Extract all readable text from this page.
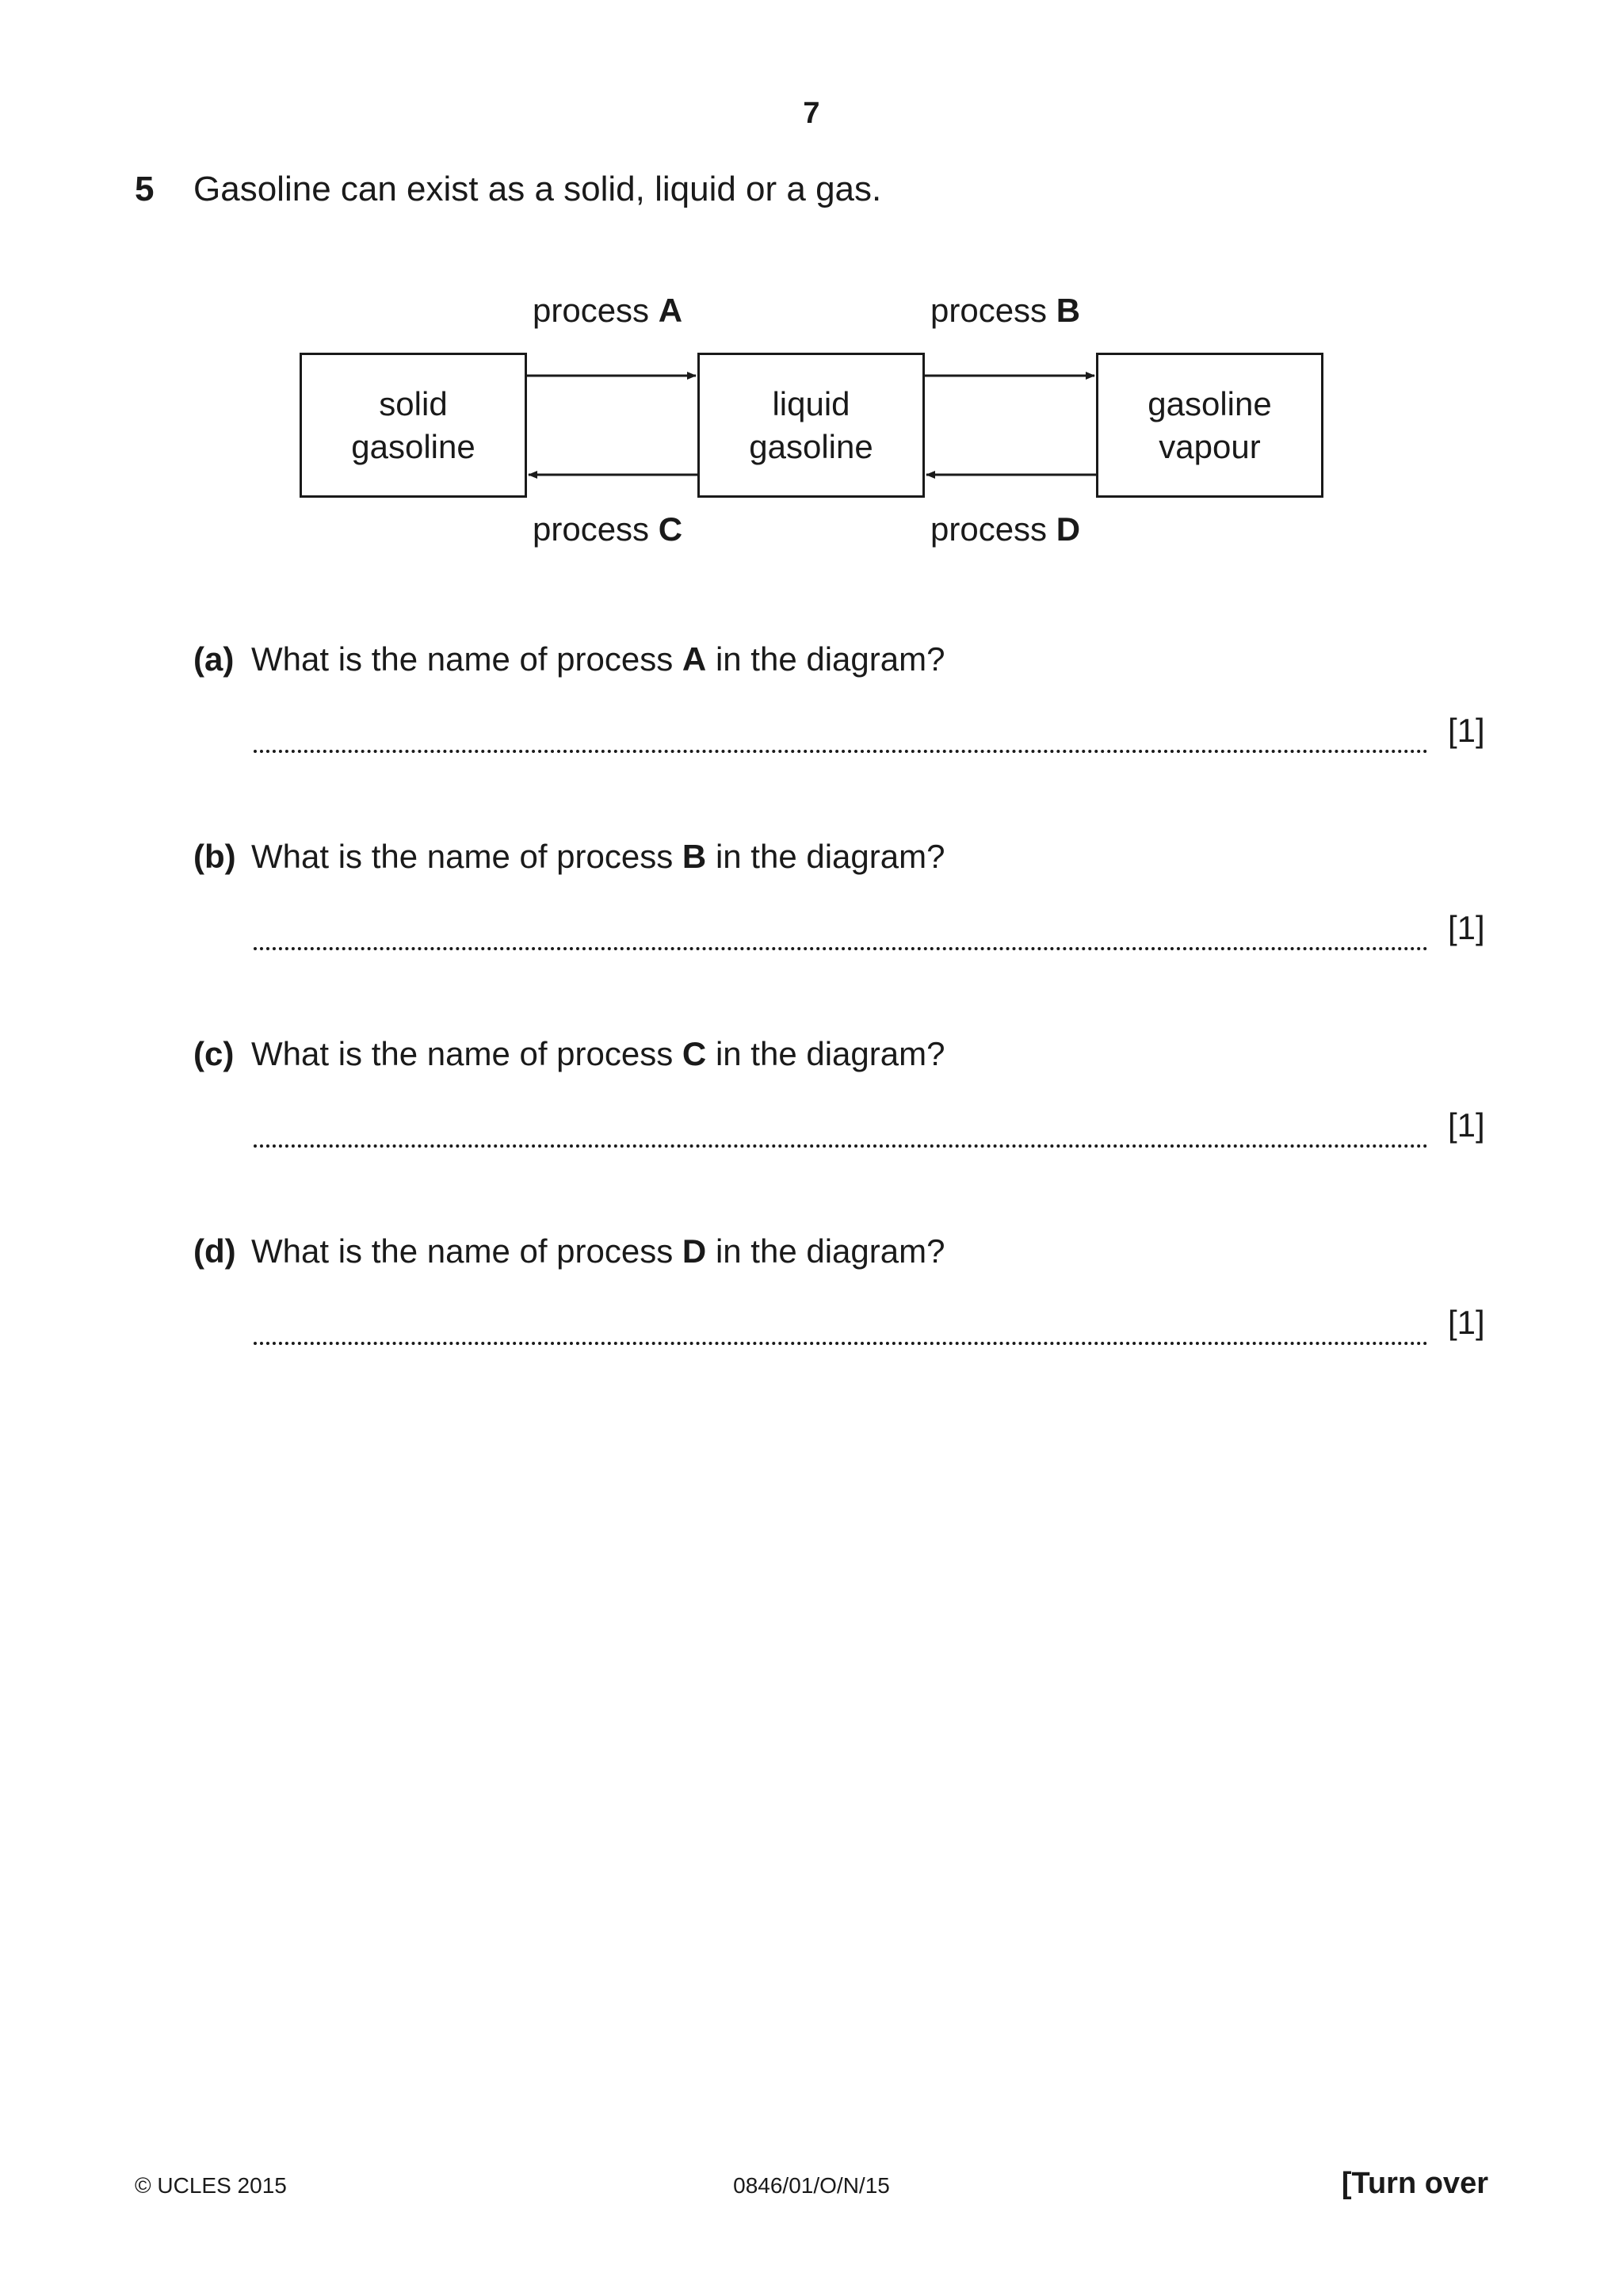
7
5 Gasoline can exist as a solid, liquid or a gas.
process A	process B
solid
gasoline
liquid
gasoline
gasoline
vapour
process C	process D
(a) What is the name of process A in the diagram?
[1]
(b) What is the name of process B in the diagram?
[1]
(c) What is the name of process C in the diagram?
[1]
(d) What is the name of process D in the diagram?
[1]
© UCLES 2015	0846/01/O/N/15	[Turn over
